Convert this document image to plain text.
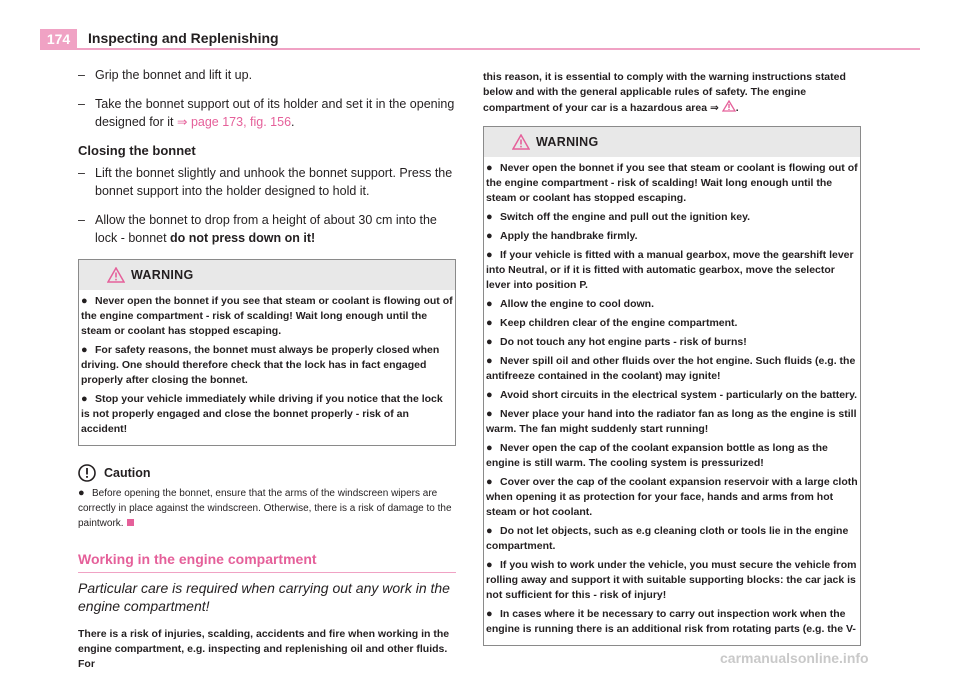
174	Inspecting and Replenishing
– Grip the bonnet and lift it up.
– Take the bonnet support out of its holder and set it in the opening designed for it ⇒ page 173, fig. 156.
Closing the bonnet
– Lift the bonnet slightly and unhook the bonnet support. Press the bonnet support into the holder designed to hold it.
– Allow the bonnet to drop from a height of about 30 cm into the lock - bonnet do not press down on it!
WARNING
● Never open the bonnet if you see that steam or coolant is flowing out of the engine compartment - risk of scalding! Wait long enough until the steam or coolant has stopped escaping.
● For safety reasons, the bonnet must always be properly closed when driving. One should therefore check that the lock has in fact engaged properly after closing the bonnet.
● Stop your vehicle immediately while driving if you notice that the lock is not properly engaged and close the bonnet properly - risk of an accident!
Caution
● Before opening the bonnet, ensure that the arms of the windscreen wipers are correctly in place against the windscreen. Otherwise, there is a risk of damage to the paintwork.
Working in the engine compartment
Particular care is required when carrying out any work in the engine compartment!
There is a risk of injuries, scalding, accidents and fire when working in the engine compartment, e.g. inspecting and replenishing oil and other fluids. For

this reason, it is essential to comply with the warning instructions stated below and with the general applicable rules of safety. The engine compartment of your car is a hazardous area ⇒ .

WARNING
● Never open the bonnet if you see that steam or coolant is flowing out of the engine compartment - risk of scalding! Wait long enough until the steam or coolant has stopped escaping.
● Switch off the engine and pull out the ignition key.
● Apply the handbrake firmly.
● If your vehicle is fitted with a manual gearbox, move the gearshift lever into Neutral, or if it is fitted with automatic gearbox, move the selector lever into position P.
● Allow the engine to cool down.
● Keep children clear of the engine compartment.
● Do not touch any hot engine parts - risk of burns!
● Never spill oil and other fluids over the hot engine. Such fluids (e.g. the antifreeze contained in the coolant) may ignite!
● Avoid short circuits in the electrical system - particularly on the battery.
● Never place your hand into the radiator fan as long as the engine is still warm. The fan might suddenly start running!
● Never open the cap of the coolant expansion bottle as long as the engine is still warm. The cooling system is pressurized!
● Cover over the cap of the coolant expansion reservoir with a large cloth when opening it as protection for your face, hands and arms from hot steam or hot coolant.
● Do not let objects, such as e.g cleaning cloth or tools lie in the engine compartment.
● If you wish to work under the vehicle, you must secure the vehicle from rolling away and support it with suitable supporting blocks: the car jack is not sufficient for this - risk of injury!
● In cases where it be necessary to carry out inspection work when the engine is running there is an additional risk from rotating parts (e.g. the V-
carmanualsonline.info
